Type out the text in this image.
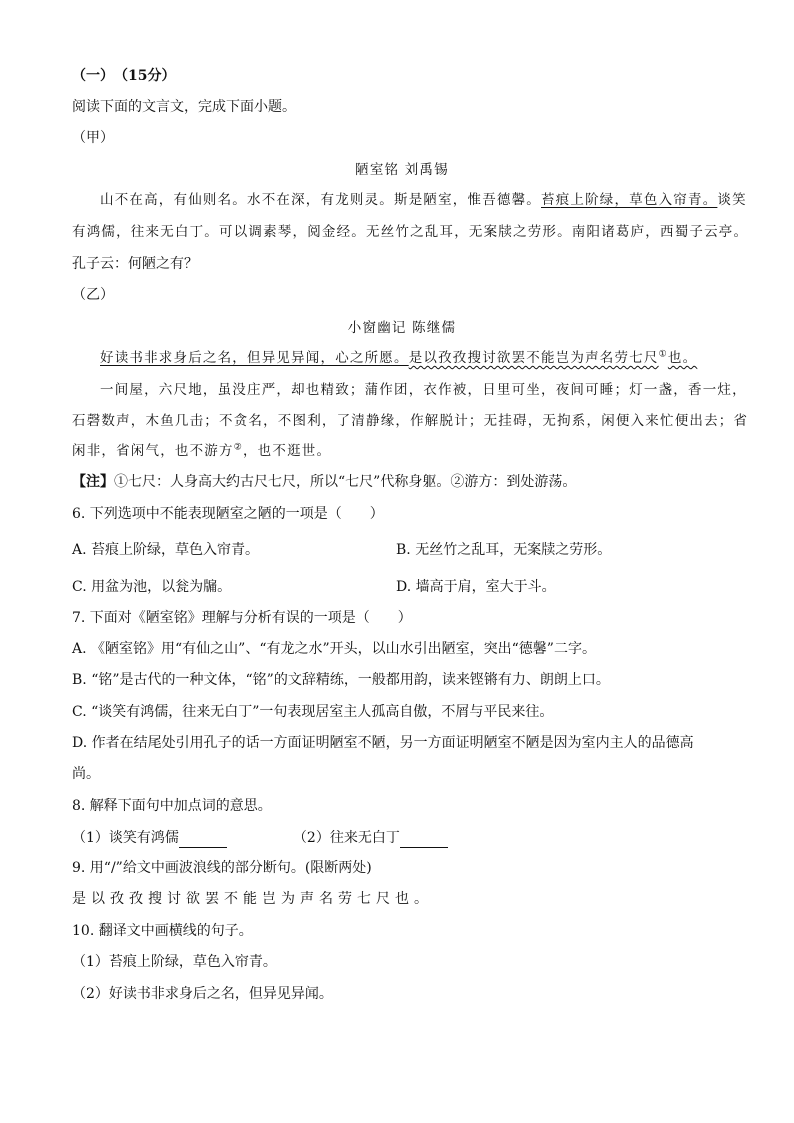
（一）　（15分）
阅读下面的文言文，完成下面小题。
（甲）
陋室铭 刘禹锡
山不在高，有仙则名。水不在深，有龙则灵。斯是陋室，惟吾德馨。苔痕上阶绿，草色入帘青。谈笑
有鸿儒，往来无白丁。可以调素琴，阅金经。无丝竹之乱耳，无案牍之劳形。南阳诸葛庐，西蜀子云亭。
孔子云：何陋之有？
（乙）
小窗幽记 陈继儒
好读书非求身后之名，但异见异闻，心之所愿。是以孜孜搜讨欲罢不能岂为声名劳七尺①也。
一间屋，六尺地，虽没庄严，却也精致；蒲作团，衣作被，日里可坐，夜间可睡；灯一盏，香一炷，
石磬数声，木鱼几击；不贪名，不图利，了清静缘，作解脱计；无挂碍，无拘系，闲便入来忙便出去；省
闲非，省闲气，也不游方②，也不逛世。
【注】①七尺：人身高大约古尺七尺，所以“七尺”代称身躯。②游方：到处游荡。
6. 下列选项中不能表现陋室之陋的一项是（　　）
A. 苔痕上阶绿，草色入帘青。	B. 无丝竹之乱耳，无案牍之劳形。
C. 用盆为池，以瓮为牖。	D. 墙高于肩，室大于斗。
7. 下面对《陋室铭》理解与分析有误的一项是（　　）
A. 《陋室铭》用“有仙之山”、“有龙之水”开头，以山水引出陋室，突出“德馨”二字。
B. “铭”是古代的一种文体，“铭”的文辞精练，一般都用韵，读来铿锵有力、朗朗上口。
C. “谈笑有鸿儒，往来无白丁”一句表现居室主人孤高自傲，不屑与平民来往。
D. 作者在结尾处引用孔子的话一方面证明陋室不陋，另一方面证明陋室不陋是因为室内主人的品德高
尚。
8. 解释下面句中加点词的意思。
（1）谈笑有鸿儒	（2）往来无白丁
9. 用“/”给文中画波浪线的部分断句。(限断两处)
是以孜孜搜讨欲罢不能岂为声名劳七尺也。
10. 翻译文中画横线的句子。
（1）苔痕上阶绿，草色入帘青。
（2）好读书非求身后之名，但异见异闻。
